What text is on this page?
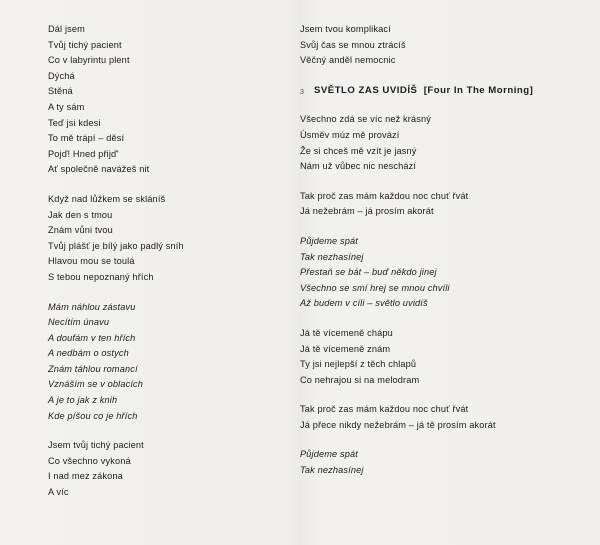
Dál jsem
Tvůj tichý pacient
Co v labyrintu plent
Dýchá
Stěná
A ty sám
Teď jsi kdesi
To mě trápí – děsí
Pojď! Hned přijď'
Ať společně navážeš nit
Když nad lůžkem se skláníš
Jak den s tmou
Znám vůni tvou
Tvůj plášť je bílý jako padlý sníh
Hlavou mou se toulá
S tebou nepoznaný hřích
Mám náhlou zástavu
Necítím únavu
A doufám v ten hřích
A nedbám o ostych
Znám táhlou romancí
Vznáším se v oblacích
A je to jak z knih
Kde píšou co je hřích
Jsem tvůj tichý pacient
Co všechno vykoná
I nad mez zákona
A víc
Jsem tvou komplikací
Svůj čas se mnou ztrácíš
Věčný anděl nemocnic
3 SVĚTLO ZAS UVIDÍŠ  [Four In The Morning]
Všechno zdá se víc než krásný
Úsměv múz mě provází
Že si chceš mě vzít je jasný
Nám už vůbec nic neschází
Tak proč zas mám každou noc chuť řvát
Já nežebrám – já prosím akorát
Půjdeme spát
Tak nezhasínej
Přestaň se bát – buď někdo jinej
Všechno se smí hrej se mnou chvíli
Až budem v cíli – světlo uvidíš
Já tě vícemeně chápu
Já tě vícemeně znám
Ty jsi nejlepší z těch chlapů
Co nehrajou si na melodram
Tak proč zas mám každou noc chuť řvát
Já přece nikdy nežebrám – já tě prosím akorát
Půjdeme spát
Tak nezhasínej
